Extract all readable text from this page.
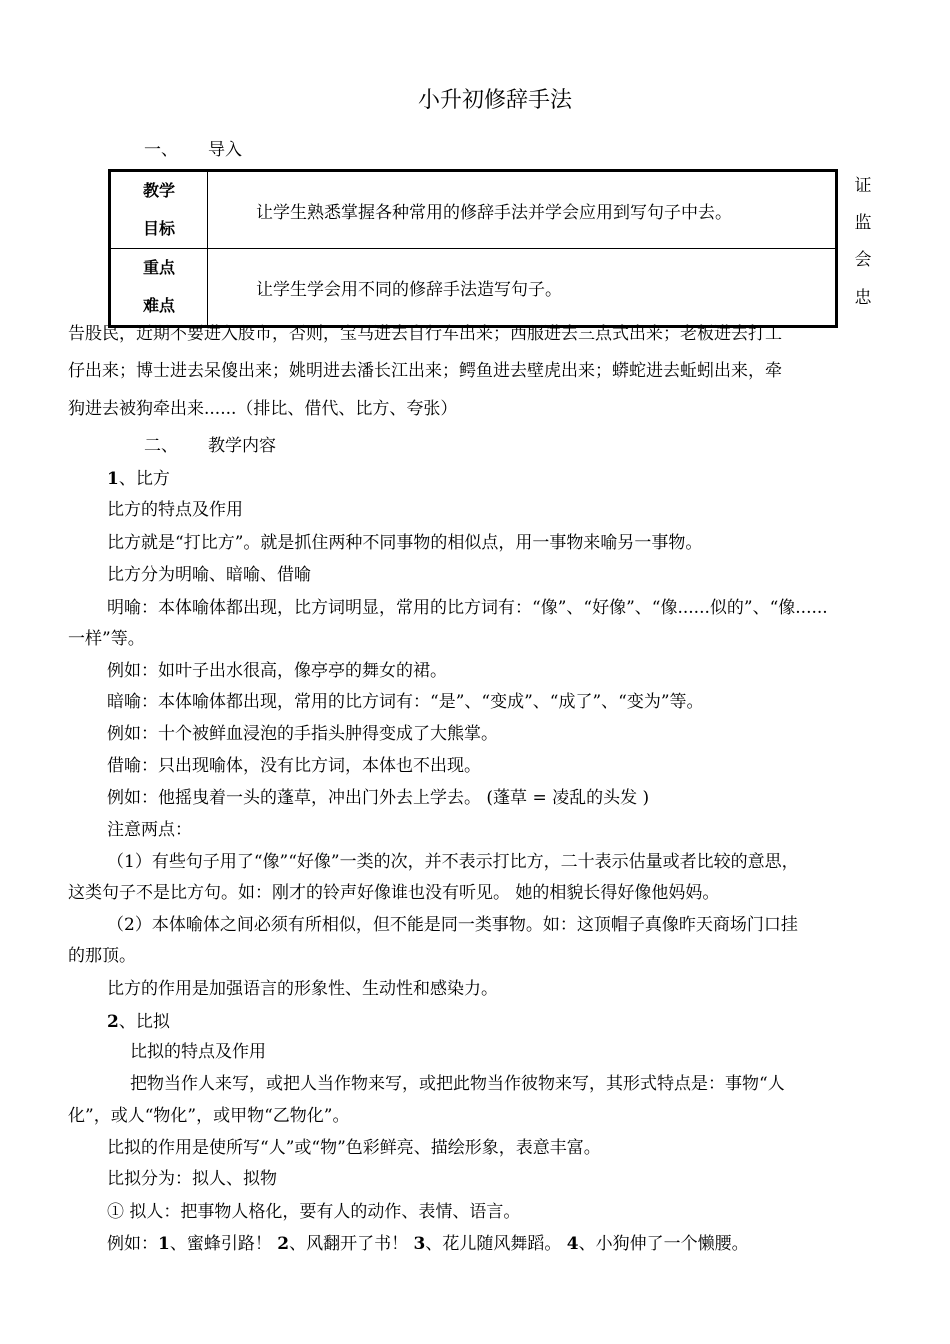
小升初修辞手法
一、 导入
教学
目标	让学生熟悉掌握各种常用的修辞手法并学会应用到写句子中去。
重点
难点	让学生学会用不同的修辞手法造写句子。
证
监
会
忠
告股民，近期不要进入股市，否则，宝马进去自行车出来；西服进去三点式出来；老板进去打工
仔出来；博士进去呆傻出来；姚明进去潘长江出来；鳄鱼进去壁虎出来；蟒蛇进去蚯蚓出来，牵
狗进去被狗牵出来......（排比、借代、比方、夸张）
二、 教学内容
1、比方
比方的特点及作用
比方就是“打比方”。就是抓住两种不同事物的相似点，用一事物来喻另一事物。
比方分为明喻、暗喻、借喻
明喻：本体喻体都出现，比方词明显，常用的比方词有：“像”、“好像”、“像......似的”、“像......
一样”等。
例如：如叶子出水很高，像亭亭的舞女的裙。
暗喻：本体喻体都出现，常用的比方词有：“是”、“变成”、“成了”、“变为”等。
例如：十个被鲜血浸泡的手指头肿得变成了大熊掌。
借喻：只出现喻体，没有比方词，本体也不出现。
例如：他摇曳着一头的蓬草，冲出门外去上学去。 (蓬草 = 凌乱的头发 )
注意两点：
（1）有些句子用了“像”“好像”一类的次，并不表示打比方，二十表示估量或者比较的意思，
这类句子不是比方句。如：刚才的铃声好像谁也没有听见。 她的相貌长得好像他妈妈。
（2）本体喻体之间必须有所相似，但不能是同一类事物。如：这顶帽子真像昨天商场门口挂
的那顶。
比方的作用是加强语言的形象性、生动性和感染力。
2、比拟
比拟的特点及作用
把物当作人来写，或把人当作物来写，或把此物当作彼物来写，其形式特点是：事物“人
化”，或人“物化”，或甲物“乙物化”。
比拟的作用是使所写“人”或“物”色彩鲜亮、描绘形象，表意丰富。
比拟分为：拟人、拟物
① 拟人：把事物人格化，要有人的动作、表情、语言。
例如：1、蜜蜂引路！ 2、风翻开了书！ 3、花儿随风舞蹈。 4、小狗伸了一个懒腰。
